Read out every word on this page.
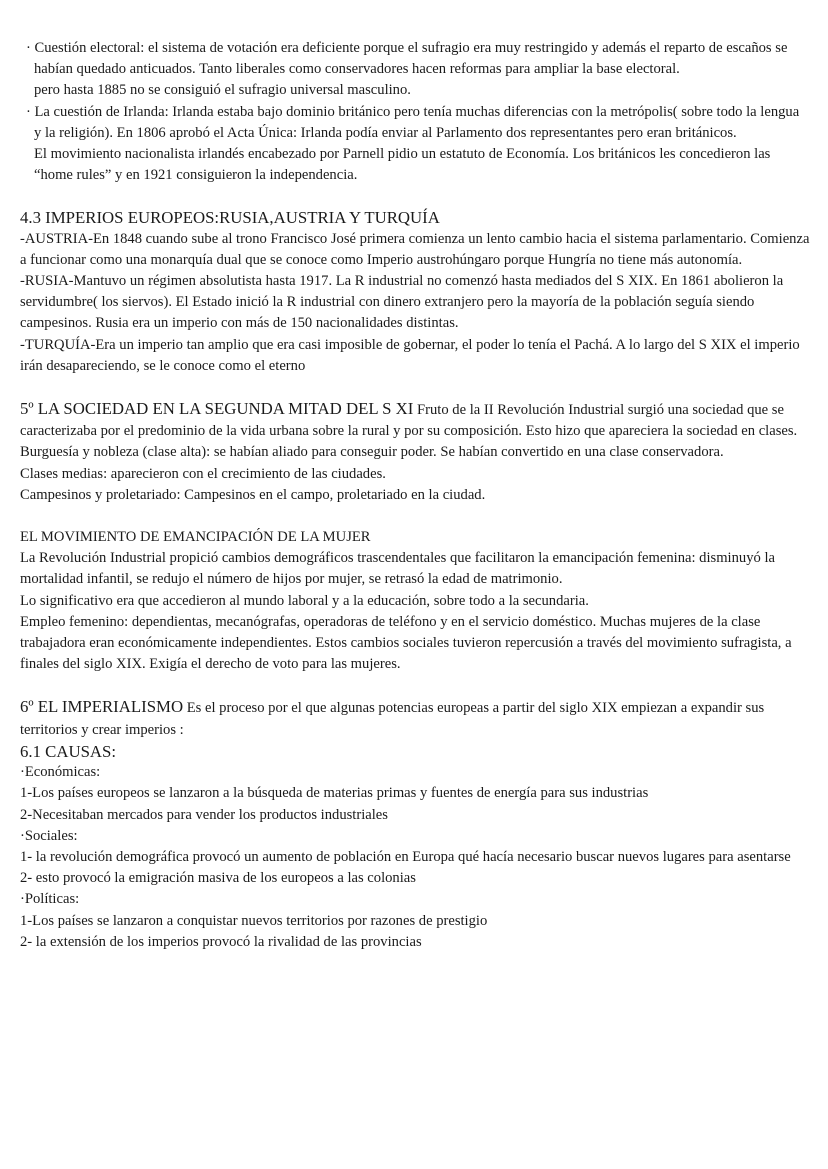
· Cuestión electoral: el sistema de votación era deficiente porque el sufragio era muy restringido y además el reparto de escaños se habían quedado anticuados. Tanto liberales como conservadores hacen reformas para ampliar la base electoral.

pero hasta 1885 no se consiguió el sufragio universal masculino.

· La cuestión de Irlanda: Irlanda estaba bajo dominio británico pero tenía muchas diferencias con la metrópolis( sobre todo la lengua y la religión). En 1806 aprobó el Acta Única: Irlanda podía enviar al Parlamento dos representantes pero eran británicos.

El movimiento nacionalista irlandés encabezado por Parnell pidio un estatuto de Economía. Los británicos les concedieron las “home rules” y en 1921 consiguieron la independencia.

4.3 IMPERIOS EUROPEOS:RUSIA,AUSTRIA Y TURQUÍA

-AUSTRIA-En 1848 cuando sube al trono Francisco José primera comienza un lento cambio hacia el sistema parlamentario. Comienza a funcionar como una monarquía dual que se conoce como Imperio austrohúngaro porque Hungría no tiene más autonomía.

-RUSIA-Mantuvo un régimen absolutista hasta 1917. La R industrial no comenzó hasta mediados del S XIX. En 1861 abolieron la servidumbre( los siervos). El Estado inició la R industrial con dinero extranjero pero la mayoría de la población seguía siendo campesinos. Rusia era un imperio con más de 150 nacionalidades distintas.

-TURQUÍA-Era un imperio tan amplio que era casi imposible de gobernar, el poder lo tenía el Pachá. A lo largo del S XIX el imperio irán desapareciendo, se le conoce como el eterno

5º LA SOCIEDAD EN LA SEGUNDA MITAD DEL S XI Fruto de la II Revolución Industrial surgió una sociedad que se caracterizaba por el predominio de la vida urbana sobre la rural y por su composición. Esto hizo que apareciera la sociedad en clases.

Burguesía y nobleza (clase alta): se habían aliado para conseguir poder. Se habían convertido en una clase conservadora.

Clases medias: aparecieron con el crecimiento de las ciudades.

Campesinos y proletariado: Campesinos en el campo, proletariado en la ciudad.

EL MOVIMIENTO DE EMANCIPACIÓN DE LA MUJER

La Revolución Industrial propició cambios demográficos trascendentales que facilitaron la emancipación femenina: disminuyó la mortalidad infantil, se redujo el número de hijos por mujer, se retrasó la edad de matrimonio.

Lo significativo era que accedieron al mundo laboral y a la educación, sobre todo a la secundaria.

Empleo femenino: dependientas, mecanógrafas, operadoras de teléfono y en el servicio doméstico. Muchas mujeres de la clase trabajadora eran económicamente independientes. Estos cambios sociales tuvieron repercusión a través del movimiento sufragista, a finales del siglo XIX. Exigía el derecho de voto para las mujeres.

6º EL IMPERIALISMO Es el proceso por el que algunas potencias europeas a partir del siglo XIX empiezan a expandir sus territorios y crear imperios :

6.1 CAUSAS:

·Económicas:

1-Los países europeos se lanzaron a la búsqueda de materias primas y fuentes de energía para sus industrias

2-Necesitaban mercados para vender los productos industriales

·Sociales:

1- la revolución demográfica provocó un aumento de población en Europa qué hacía necesario buscar nuevos lugares para asentarse

2- esto provocó la emigración masiva de los europeos a las colonias

·Políticas:

1-Los países se lanzaron a conquistar nuevos territorios por razones de prestigio

2- la extensión de los imperios provocó la rivalidad de las provincias
